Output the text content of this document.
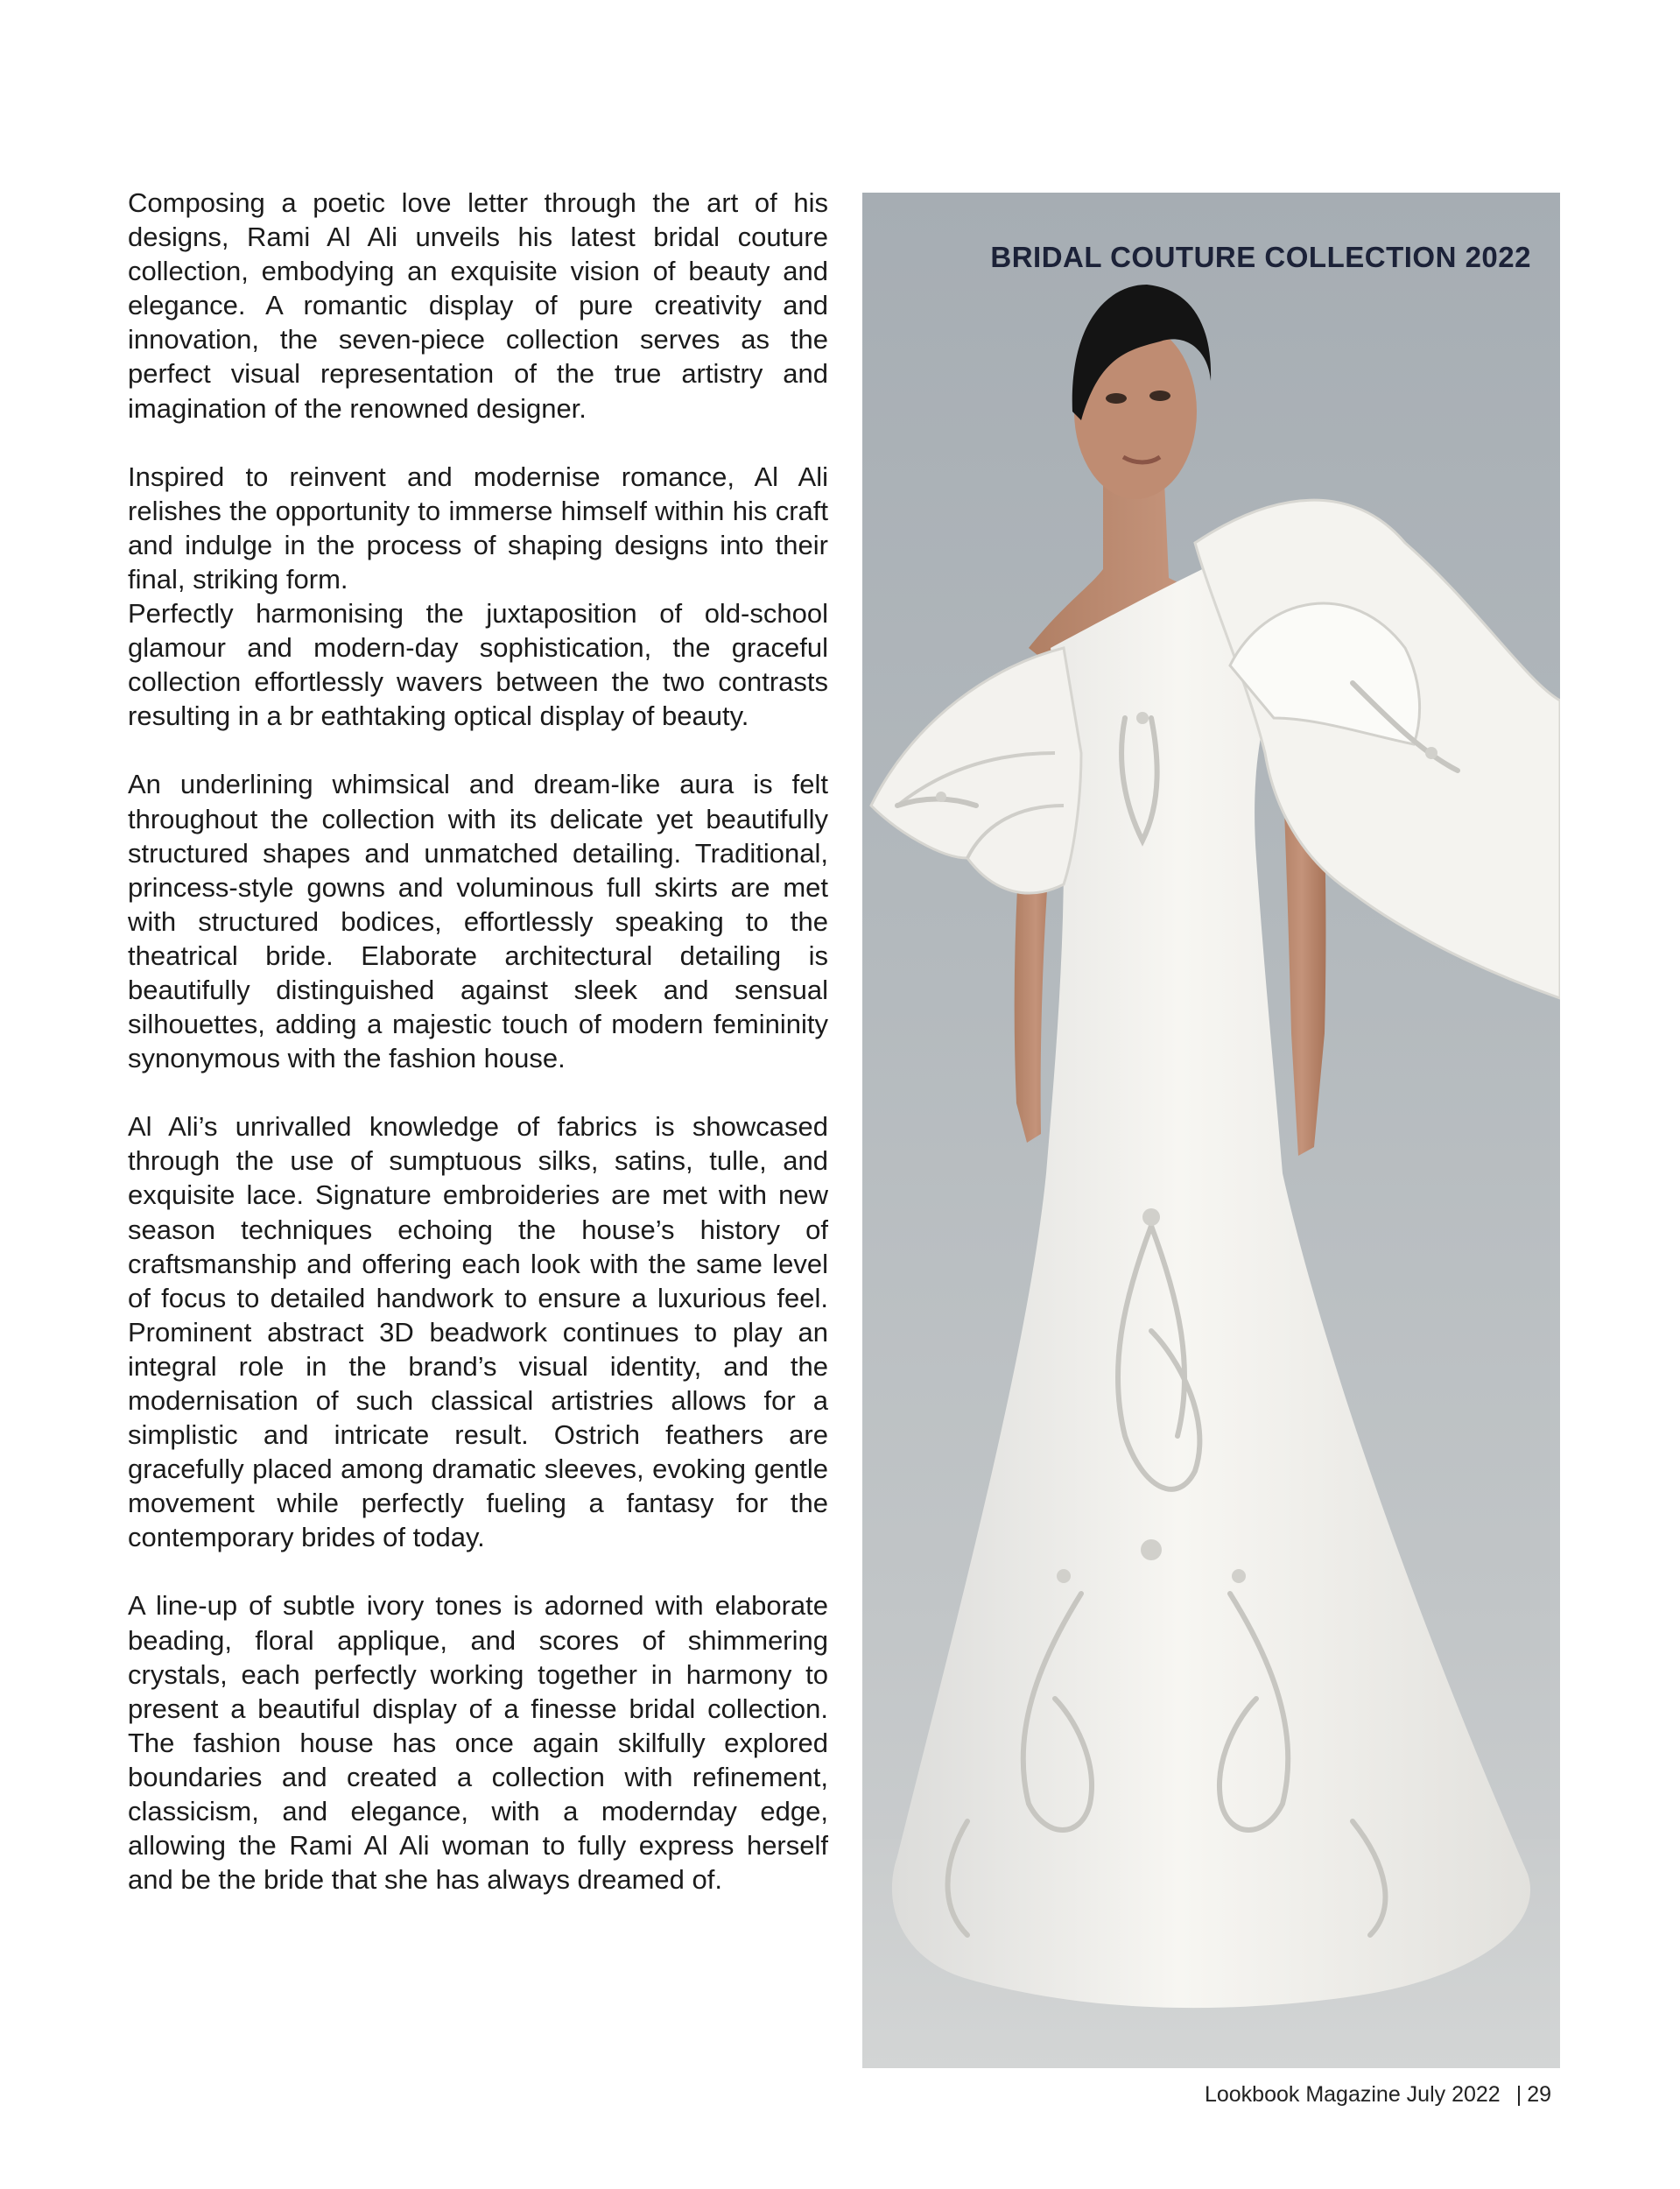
Composing a poetic love letter through the art of his designs, Rami Al Ali unveils his latest bridal couture collection, embodying an exquisite vision of beauty and elegance. A romantic display of pure creativity and innovation, the seven-piece collection serves as the perfect visual representation of the true artistry and imagination of the renowned designer.

Inspired to reinvent and modernise romance, Al Ali relishes the opportunity to immerse himself within his craft and indulge in the process of shaping designs into their final, striking form.

Perfectly harmonising the juxtaposition of old-school glamour and modern-day sophistication, the graceful collection effortlessly wavers between the two contrasts resulting in a br eathtaking optical display of beauty.

An underlining whimsical and dream-like aura is felt throughout the collection with its delicate yet beautifully structured shapes and unmatched detailing. Traditional, princess-style gowns and voluminous full skirts are met with structured bodices, effortlessly speaking to the theatrical bride. Elaborate architectural detailing is beautifully distinguished against sleek and sensual silhouettes, adding a majestic touch of modern femininity synonymous with the fashion house.

Al Ali’s unrivalled knowledge of fabrics is showcased through the use of sumptuous silks, satins, tulle, and exquisite lace. Signature embroideries are met with new season techniques echoing the house’s history of craftsmanship and offering each look with the same level of focus to detailed handwork to ensure a luxurious feel. Prominent abstract 3D beadwork continues to play an integral role in the brand’s visual identity, and the modernisation of such classical artistries allows for a simplistic and intricate result. Ostrich feathers are gracefully placed among dramatic sleeves, evoking gentle movement while perfectly fueling a fantasy for the contemporary brides of today.

A line-up of subtle ivory tones is adorned with elaborate beading, floral applique, and scores of shimmering crystals, each perfectly working together in harmony to present a beautiful display of a finesse bridal collection. The fashion house has once again skilfully explored boundaries and created a collection with refinement, classicism, and elegance, with a modernday edge, allowing the Rami Al Ali woman to fully express herself and be the bride that she has always dreamed of.

BRIDAL COUTURE COLLECTION 2022
Lookbook Magazine July 2022 | 29
